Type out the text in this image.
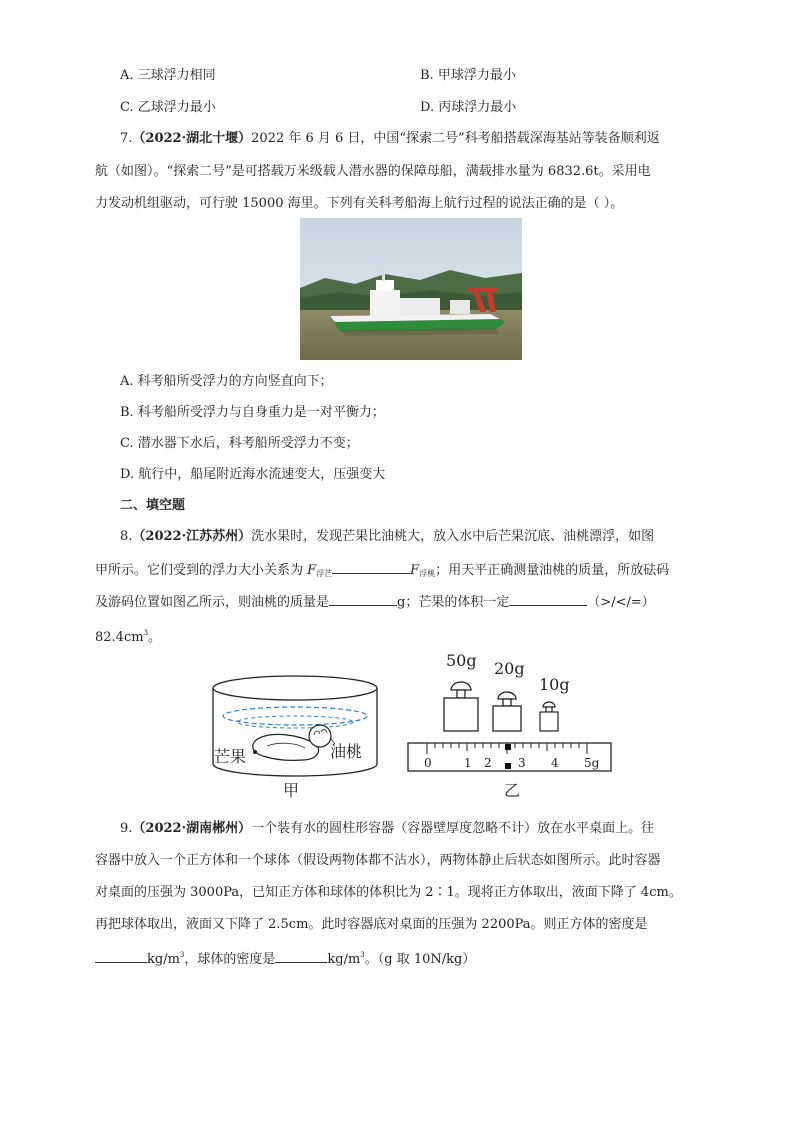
A. 三球浮力相同	B. 甲球浮力最小
C. 乙球浮力最小	D. 丙球浮力最小
7.（2022·湖北十堰）2022 年 6 月 6 日，中国“探索二号”科考船搭载深海基站等装备顺利返
航（如图）。“探索二号”是可搭载万米级载人潜水器的保障母船，满载排水量为 6832.6t。采用电
力发动机组驱动，可行驶 15000 海里。下列有关科考船海上航行过程的说法正确的是（ ）。
A. 科考船所受浮力的方向竖直向下；
B. 科考船所受浮力与自身重力是一对平衡力；
C. 潜水器下水后，科考船所受浮力不变；
D. 航行中，船尾附近海水流速变大，压强变大
二、填空题
8.（2022·江苏苏州）洗水果时，发现芒果比油桃大，放入水中后芒果沉底、油桃漂浮，如图
甲所示。它们受到的浮力大小关系为 $F_{浮芒}$	$F_{浮桃}$；用天平正确测量油桃的质量，所放砝码
及游码位置如图乙所示，则油桃的质量是	g；芒果的体积一定	（>/</=）
$82.4cm^3$。
芒果	油桃
甲
50g 20g
10g
0	1 2 3 4 5g
乙
9.（2022·湖南郴州）一个装有水的圆柱形容器（容器壁厚度忽略不计）放在水平桌面上。往
容器中放入一个正方体和一个球体（假设两物体都不沾水），两物体静止后状态如图所示。此时容器
对桌面的压强为 3000Pa，已知正方体和球体的体积比为 2∶1。现将正方体取出，液面下降了 4cm。
再把球体取出，液面又下降了 2.5cm。此时容器底对桌面的压强为 2200Pa。则正方体的密度是
$kg/m^3$，球体的密度是	$kg/m^3$。（g 取 10N/kg）
